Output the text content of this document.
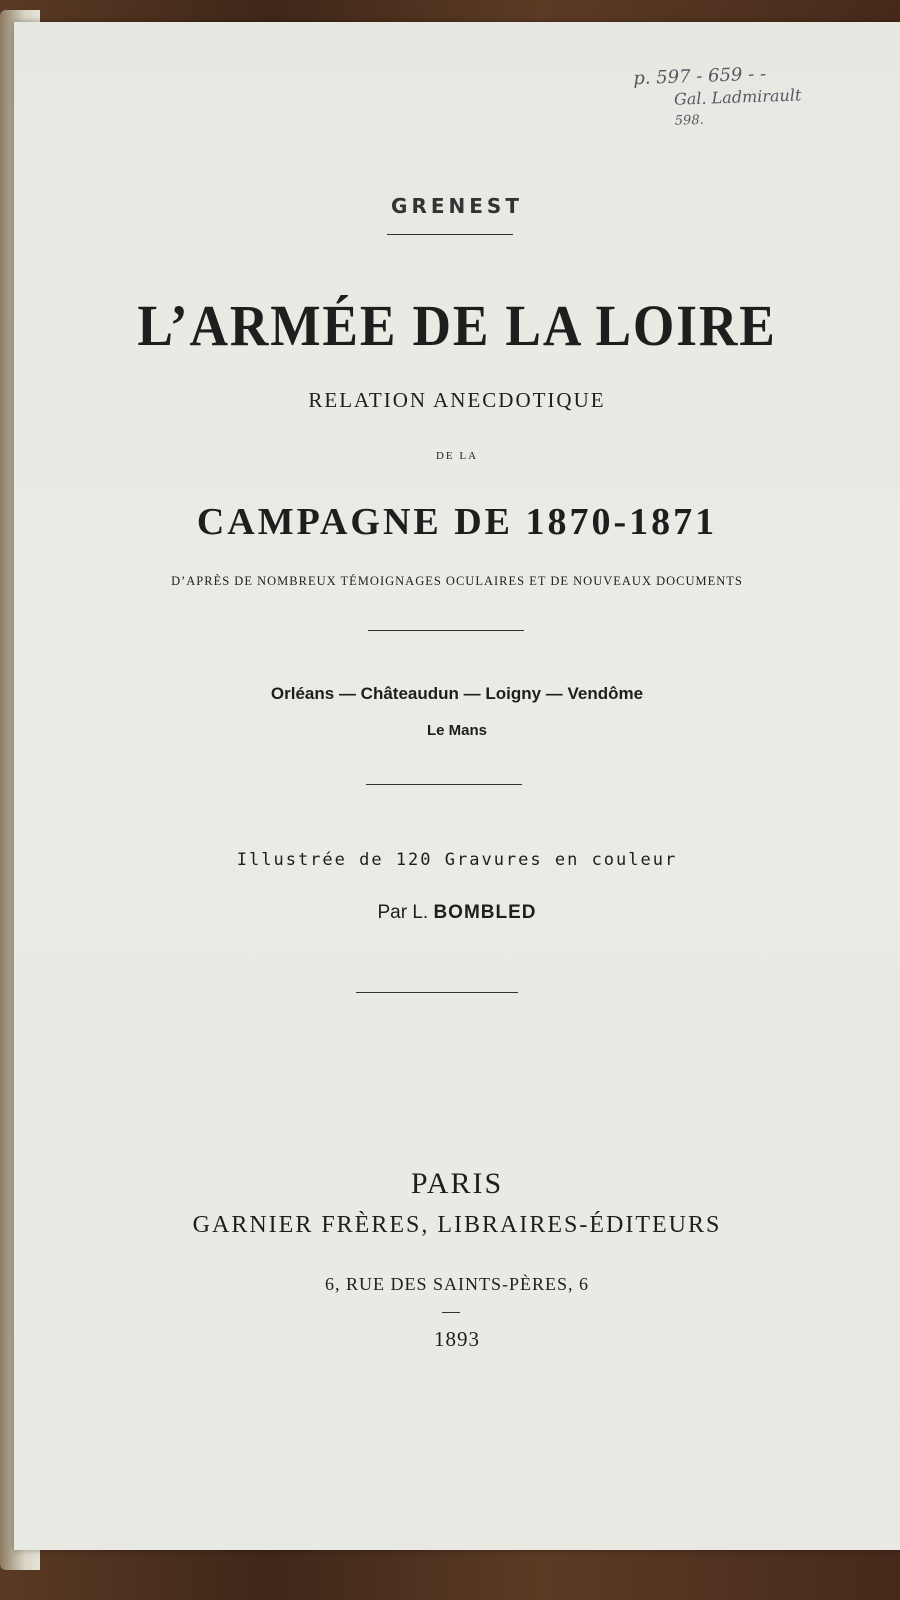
p. 597 - 659 - -
Gal. Ladmirault
598.

GRENEST

L’ARMÉE DE LA LOIRE

RELATION ANECDOTIQUE

DE LA

CAMPAGNE DE 1870-1871

D’APRÈS DE NOMBREUX TÉMOIGNAGES OCULAIRES ET DE NOUVEAUX DOCUMENTS

Orléans — Châteaudun — Loigny — Vendôme

Le Mans

Illustrée de 120 Gravures en couleur

Par L. BOMBLED

PARIS

GARNIER FRÈRES, LIBRAIRES-ÉDITEURS

6, RUE DES SAINTS-PÈRES, 6

1893
